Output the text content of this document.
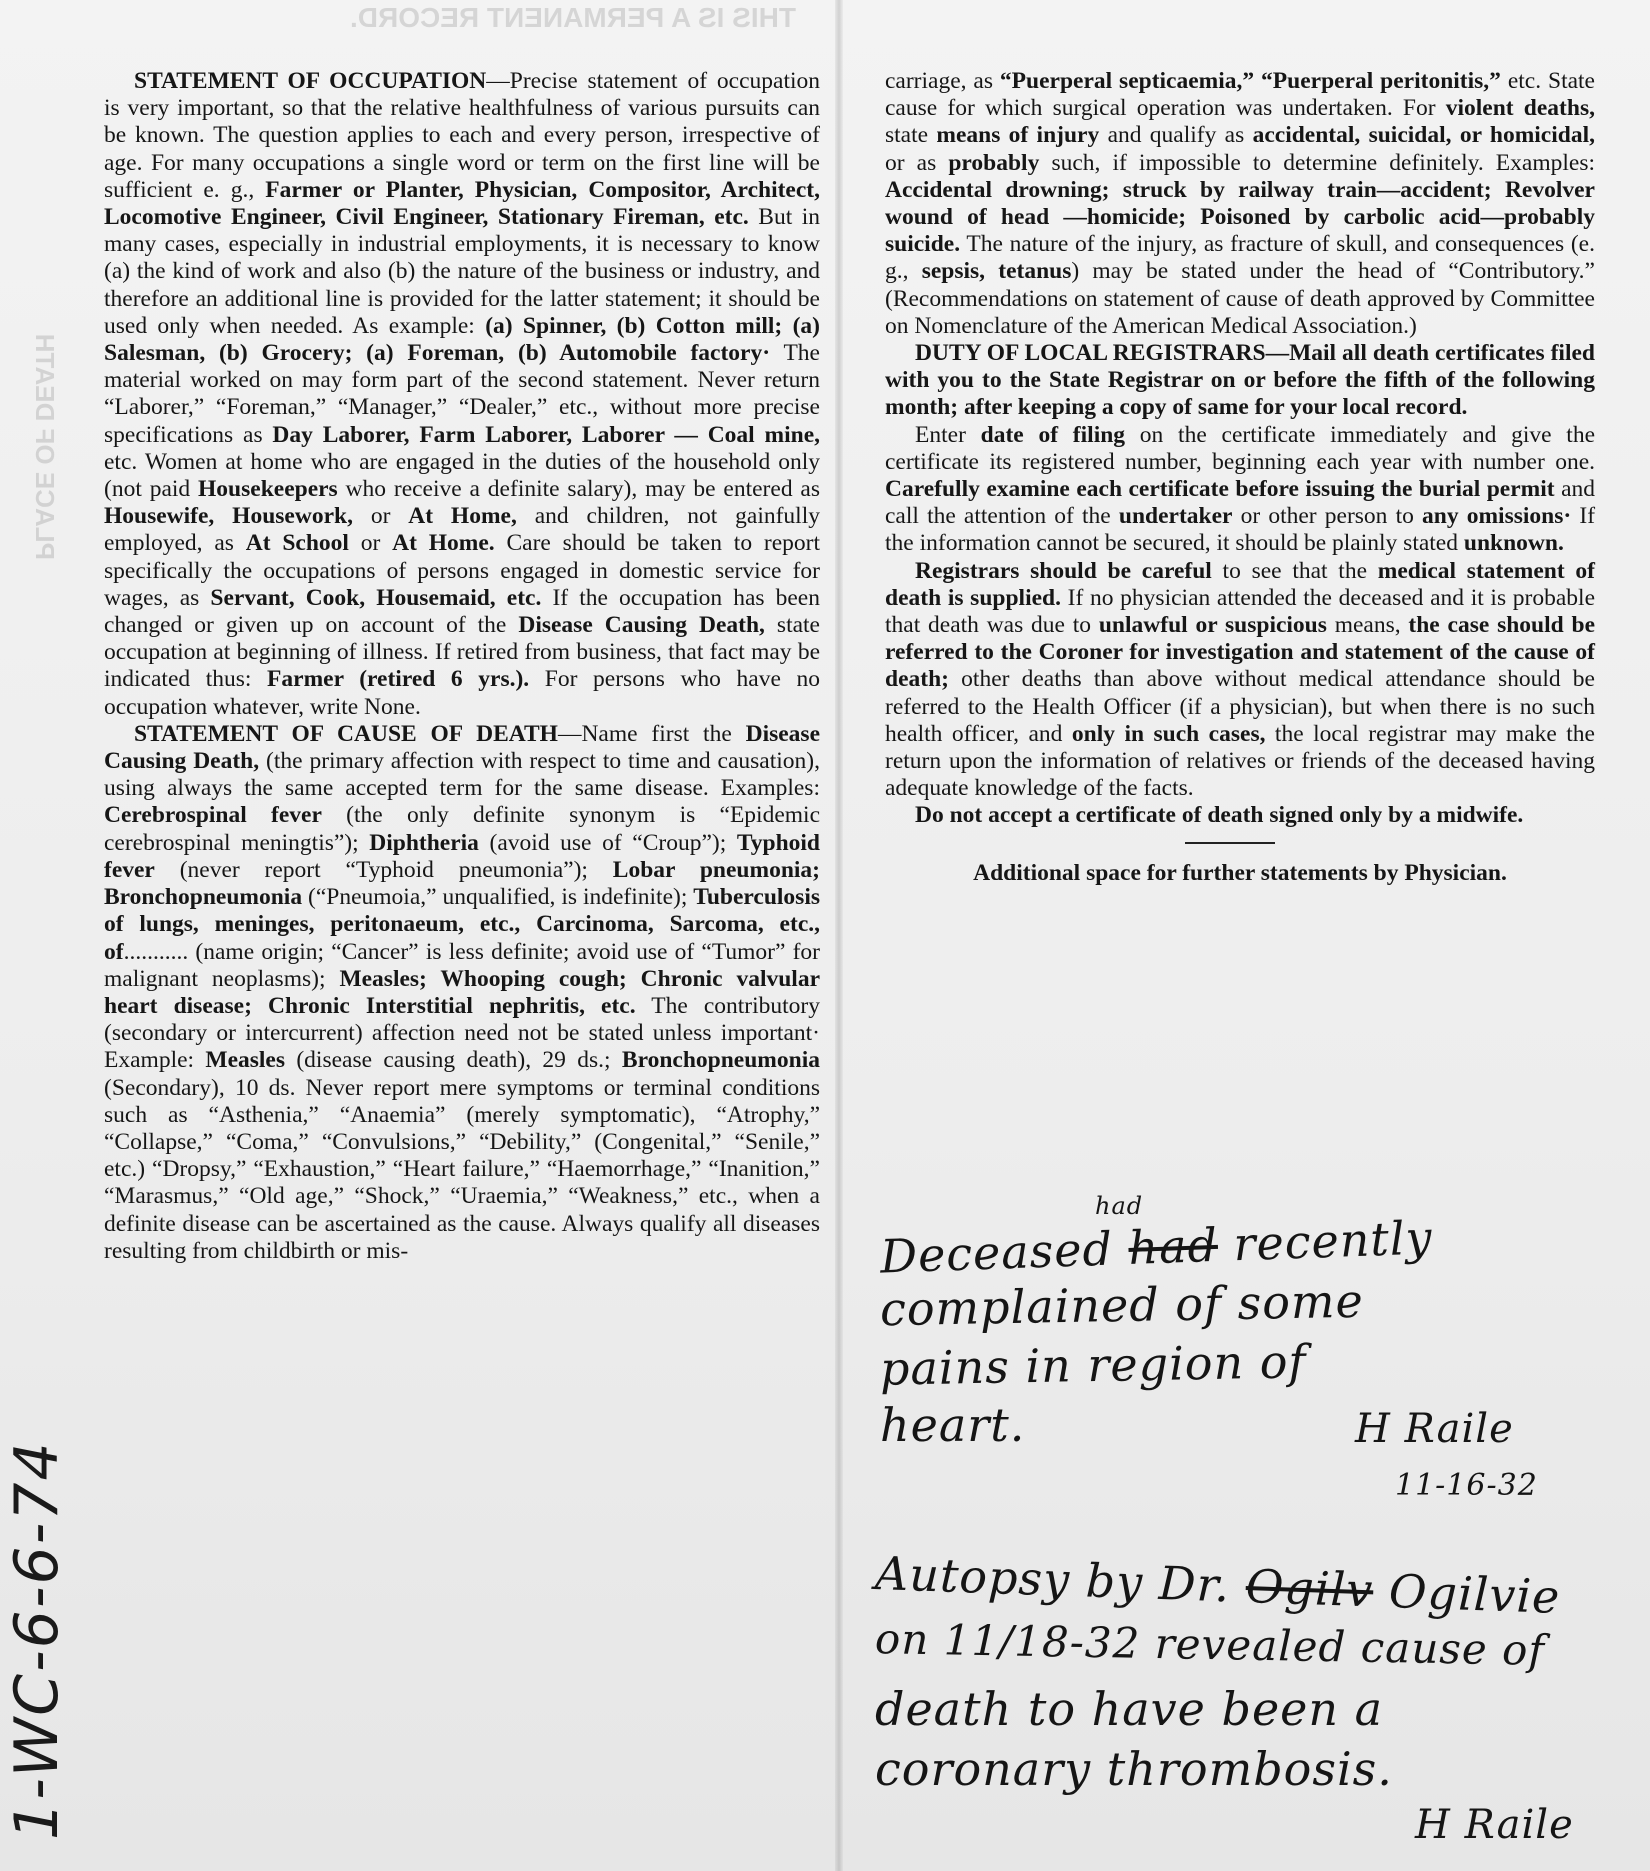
THIS IS A PERMANENT RECORD.
PLACE OF DEATH

STATEMENT OF OCCUPATION—Precise statement of occupation is very important, so that the relative healthfulness of various pursuits can be known. The question applies to each and every person, irrespective of age. For many occupations a single word or term on the first line will be sufficient e. g., Farmer or Planter, Physician, Compositor, Architect, Locomotive Engineer, Civil Engineer, Stationary Fireman, etc. But in many cases, especially in industrial employments, it is necessary to know (a) the kind of work and also (b) the nature of the business or industry, and therefore an additional line is provided for the latter statement; it should be used only when needed. As example: (a) Spinner, (b) Cotton mill; (a) Salesman, (b) Grocery; (a) Foreman, (b) Automobile factory· The material worked on may form part of the second statement. Never return “Laborer,” “Foreman,” “Manager,” “Dealer,” etc., without more precise specifications as Day Laborer, Farm Laborer, Laborer — Coal mine, etc. Women at home who are engaged in the duties of the household only (not paid Housekeepers who receive a definite salary), may be entered as Housewife, Housework, or At Home, and children, not gainfully employed, as At School or At Home. Care should be taken to report specifically the occupations of persons engaged in domestic service for wages, as Servant, Cook, Housemaid, etc. If the occupation has been changed or given up on account of the Disease Causing Death, state occupation at beginning of illness. If retired from business, that fact may be indicated thus: Farmer (retired 6 yrs.). For persons who have no occupation whatever, write None.

STATEMENT OF CAUSE OF DEATH—Name first the Disease Causing Death, (the primary affection with respect to time and causation), using always the same accepted term for the same disease. Examples: Cerebrospinal fever (the only definite synonym is “Epidemic cerebrospinal meningtis”); Diphtheria (avoid use of “Croup”); Typhoid fever (never report “Typhoid pneumonia”); Lobar pneumonia; Bronchopneumonia (“Pneumoia,” unqualified, is indefinite); Tuberculosis of lungs, meninges, peritonaeum, etc., Carcinoma, Sarcoma, etc., of........... (name origin; “Cancer” is less definite; avoid use of “Tumor” for malignant neoplasms); Measles; Whooping cough; Chronic valvular heart disease; Chronic Interstitial nephritis, etc. The contributory (secondary or intercurrent) affection need not be stated unless important· Example: Measles (disease causing death), 29 ds.; Bronchopneumonia (Secondary), 10 ds. Never report mere symptoms or terminal conditions such as “Asthenia,” “Anaemia” (merely symptomatic), “Atrophy,” “Collapse,” “Coma,” “Convulsions,” “Debility,” (Congenital,” “Senile,” etc.) “Dropsy,” “Exhaustion,” “Heart failure,” “Haemorrhage,” “Inanition,” “Marasmus,” “Old age,” “Shock,” “Uraemia,” “Weakness,” etc., when a definite disease can be ascertained as the cause. Always qualify all diseases resulting from childbirth or mis-

carriage, as “Puerperal septicaemia,” “Puerperal peritonitis,” etc. State cause for which surgical operation was undertaken. For violent deaths, state means of injury and qualify as accidental, suicidal, or homicidal, or as probably such, if impossible to determine definitely. Examples: Accidental drowning; struck by railway train—accident; Revolver wound of head —homicide; Poisoned by carbolic acid—probably suicide. The nature of the injury, as fracture of skull, and consequences (e. g., sepsis, tetanus) may be stated under the head of “Contributory.” (Recommendations on statement of cause of death approved by Committee on Nomenclature of the American Medical Association.)

DUTY OF LOCAL REGISTRARS—Mail all death certificates filed with you to the State Registrar on or before the fifth of the following month; after keeping a copy of same for your local record.

Enter date of filing on the certificate immediately and give the certificate its registered number, beginning each year with number one. Carefully examine each certificate before issuing the burial permit and call the attention of the undertaker or other person to any omissions· If the information cannot be secured, it should be plainly stated unknown.

Registrars should be careful to see that the medical statement of death is supplied. If no physician attended the deceased and it is probable that death was due to unlawful or suspicious means, the case should be referred to the Coroner for investigation and statement of the cause of death; other deaths than above without medical attendance should be referred to the Health Officer (if a physician), but when there is no such health officer, and only in such cases, the local registrar may make the return upon the information of relatives or friends of the deceased having adequate knowledge of the facts.

Do not accept a certificate of death signed only by a midwife.

Additional space for further statements by Physician.

Deceased had recently
had
complained of some
pains in region of
heart.	H Raile
11-16-32
Autopsy by Dr. Ogilv Ogilvie
on 11/18-32 revealed cause of
death to have been a
coronary thrombosis.
H Raile
1-WC-6-6-74
